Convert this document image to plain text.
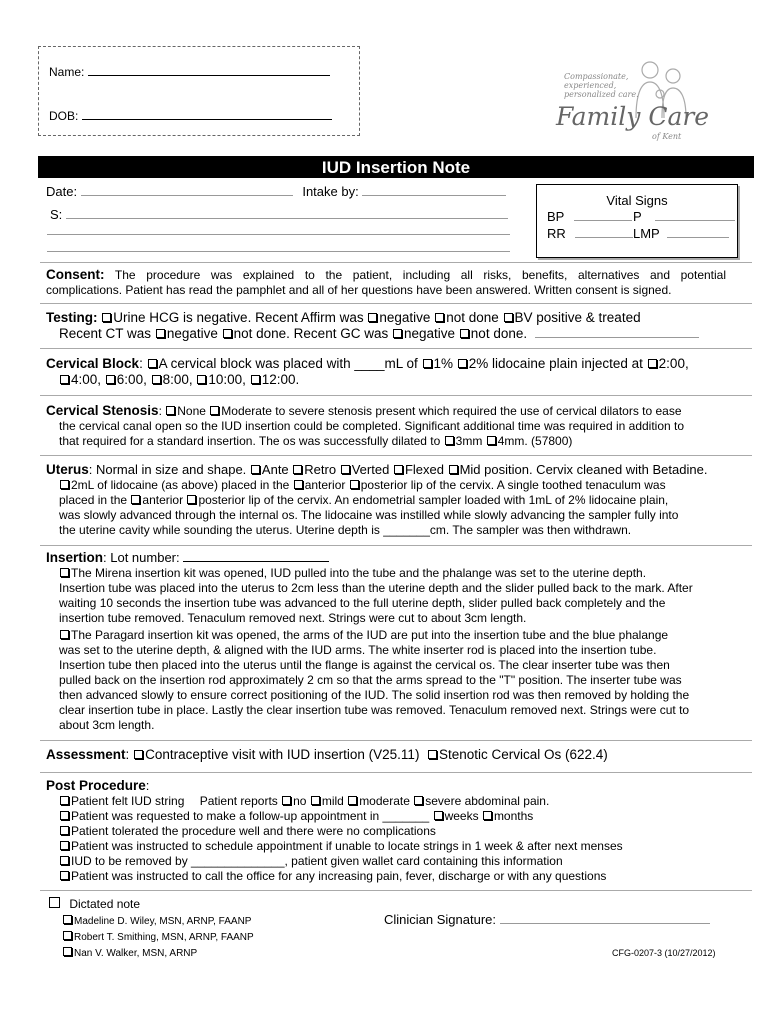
Name:
DOB:
Compassionate,
experienced,
personalized care.
Family Care
of Kent
IUD Insertion Note
Date:	Intake by:
S:
Vital Signs
BP	P
RR	LMP
Consent: The procedure was explained to the patient, including all risks, benefits, alternatives and potential
complications. Patient has read the pamphlet and all of her questions have been answered. Written consent is signed.
Testing: Urine HCG is negative. Recent Affirm was negative not done BV positive & treated
Recent CT was negative not done. Recent GC was negative not done.
Cervical Block: A cervical block was placed with ____mL of 1% 2% lidocaine plain injected at 2:00,
4:00, 6:00, 8:00, 10:00, 12:00.
Cervical Stenosis: None Moderate to severe stenosis present which required the use of cervical dilators to ease
the cervical canal open so the IUD insertion could be completed. Significant additional time was required in addition to
that required for a standard insertion. The os was successfully dilated to 3mm 4mm. (57800)
Uterus: Normal in size and shape. Ante Retro Verted Flexed Mid position. Cervix cleaned with Betadine.
2mL of lidocaine (as above) placed in the anterior posterior lip of the cervix. A single toothed tenaculum was
placed in the anterior posterior lip of the cervix. An endometrial sampler loaded with 1mL of 2% lidocaine plain,
was slowly advanced through the internal os. The lidocaine was instilled while slowly advancing the sampler fully into
the uterine cavity while sounding the uterus. Uterine depth is _______cm. The sampler was then withdrawn.
Insertion: Lot number:
The Mirena insertion kit was opened, IUD pulled into the tube and the phalange was set to the uterine depth.
Insertion tube was placed into the uterus to 2cm less than the uterine depth and the slider pulled back to the mark. After
waiting 10 seconds the insertion tube was advanced to the full uterine depth, slider pulled back completely and the
insertion tube removed. Tenaculum removed next. Strings were cut to about 3cm length.
The Paragard insertion kit was opened, the arms of the IUD are put into the insertion tube and the blue phalange
was set to the uterine depth, & aligned with the IUD arms. The white inserter rod is placed into the insertion tube.
Insertion tube then placed into the uterus until the flange is against the cervical os. The clear inserter tube was then
pulled back on the insertion rod approximately 2 cm so that the arms spread to the "T" position. The inserter tube was
then advanced slowly to ensure correct positioning of the IUD. The solid insertion rod was then removed by holding the
clear insertion tube in place. Lastly the clear insertion tube was removed. Tenaculum removed next. Strings were cut to
about 3cm length.
Assessment: Contraceptive visit with IUD insertion (V25.11) Stenotic Cervical Os (622.4)
Post Procedure:
Patient felt IUD string Patient reports no mild moderate severe abdominal pain.
Patient was requested to make a follow-up appointment in _______ weeks months
Patient tolerated the procedure well and there were no complications
Patient was instructed to schedule appointment if unable to locate strings in 1 week & after next menses
IUD to be removed by ______________, patient given wallet card containing this information
Patient was instructed to call the office for any increasing pain, fever, discharge or with any questions
Dictated note
Madeline D. Wiley, MSN, ARNP, FAANP
Robert T. Smithing, MSN, ARNP, FAANP
Nan V. Walker, MSN, ARNP
Clinician Signature:
CFG-0207-3 (10/27/2012)
